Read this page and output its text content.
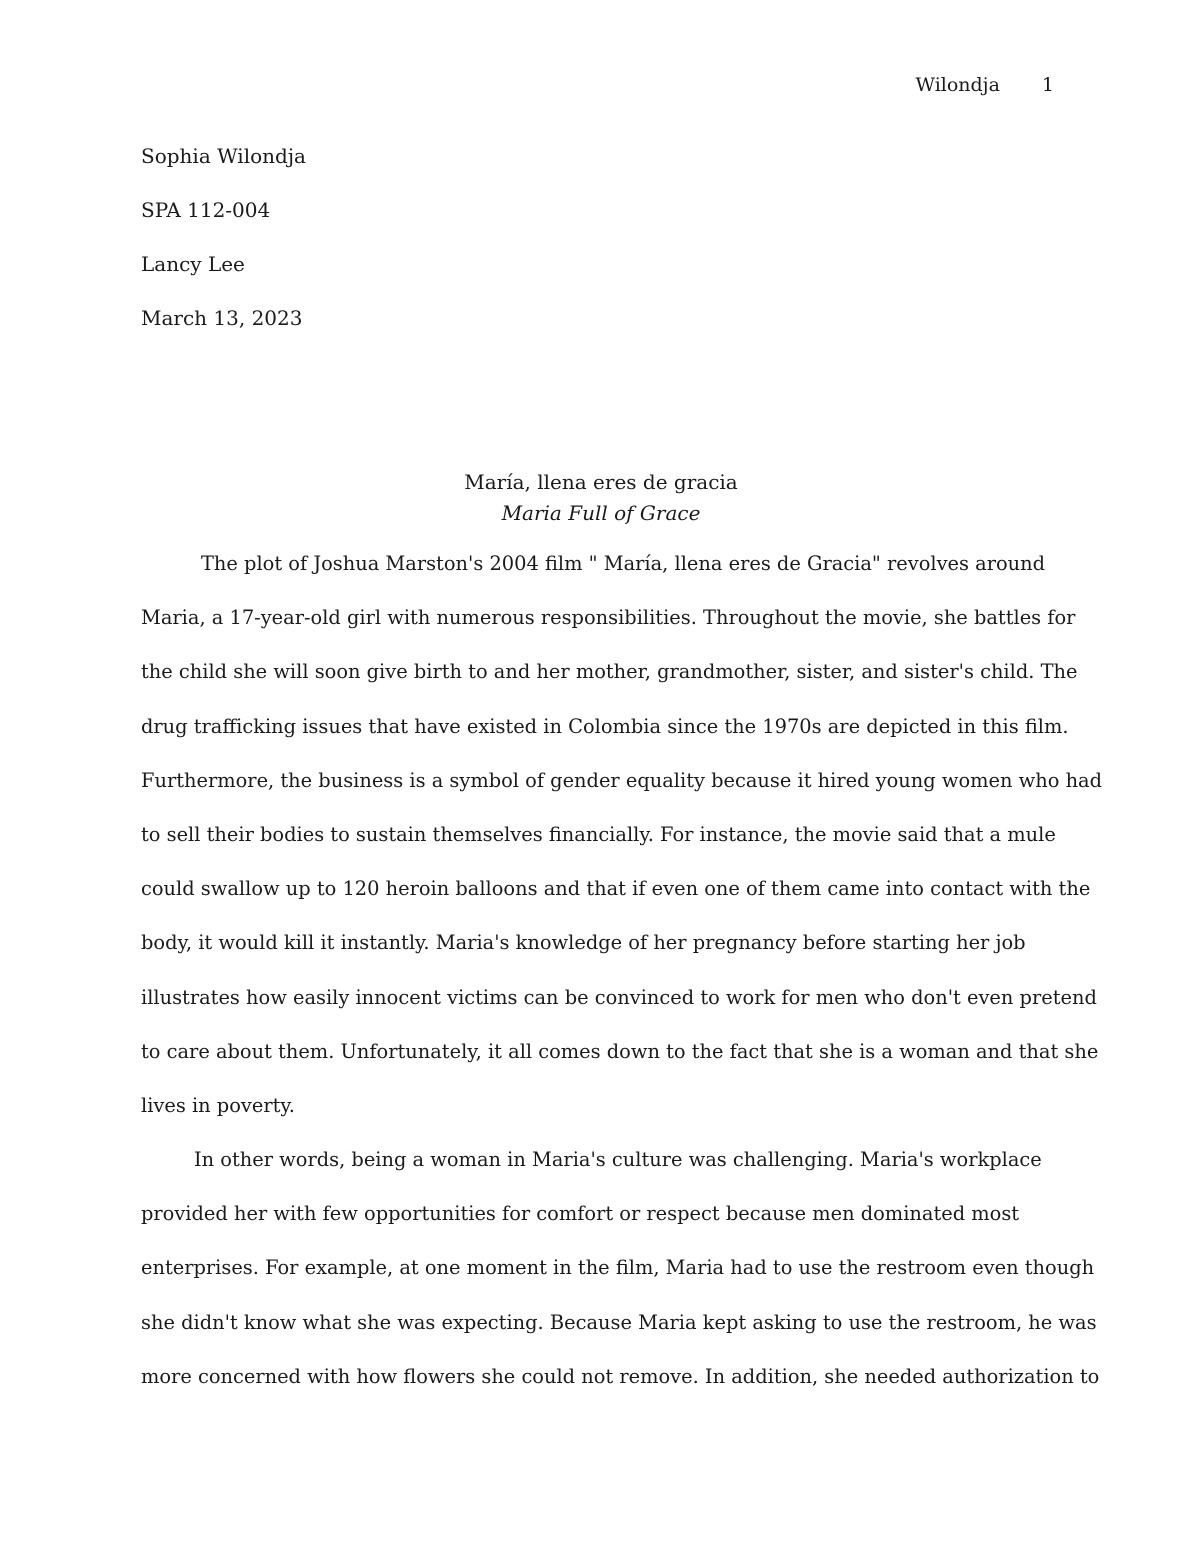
Wilondja 1
Sophia Wilondja
SPA 112-004
Lancy Lee
March 13, 2023
María, llena eres de gracia
Maria Full of Grace
The plot of Joshua Marston's 2004 film " María, llena eres de Gracia" revolves around
Maria, a 17-year-old girl with numerous responsibilities. Throughout the movie, she battles for
the child she will soon give birth to and her mother, grandmother, sister, and sister's child. The
drug trafficking issues that have existed in Colombia since the 1970s are depicted in this film.
Furthermore, the business is a symbol of gender equality because it hired young women who had
to sell their bodies to sustain themselves financially. For instance, the movie said that a mule
could swallow up to 120 heroin balloons and that if even one of them came into contact with the
body, it would kill it instantly. Maria's knowledge of her pregnancy before starting her job
illustrates how easily innocent victims can be convinced to work for men who don't even pretend
to care about them. Unfortunately, it all comes down to the fact that she is a woman and that she
lives in poverty.
In other words, being a woman in Maria's culture was challenging. Maria's workplace
provided her with few opportunities for comfort or respect because men dominated most
enterprises. For example, at one moment in the film, Maria had to use the restroom even though
she didn't know what she was expecting. Because Maria kept asking to use the restroom, he was
more concerned with how flowers she could not remove. In addition, she needed authorization to
